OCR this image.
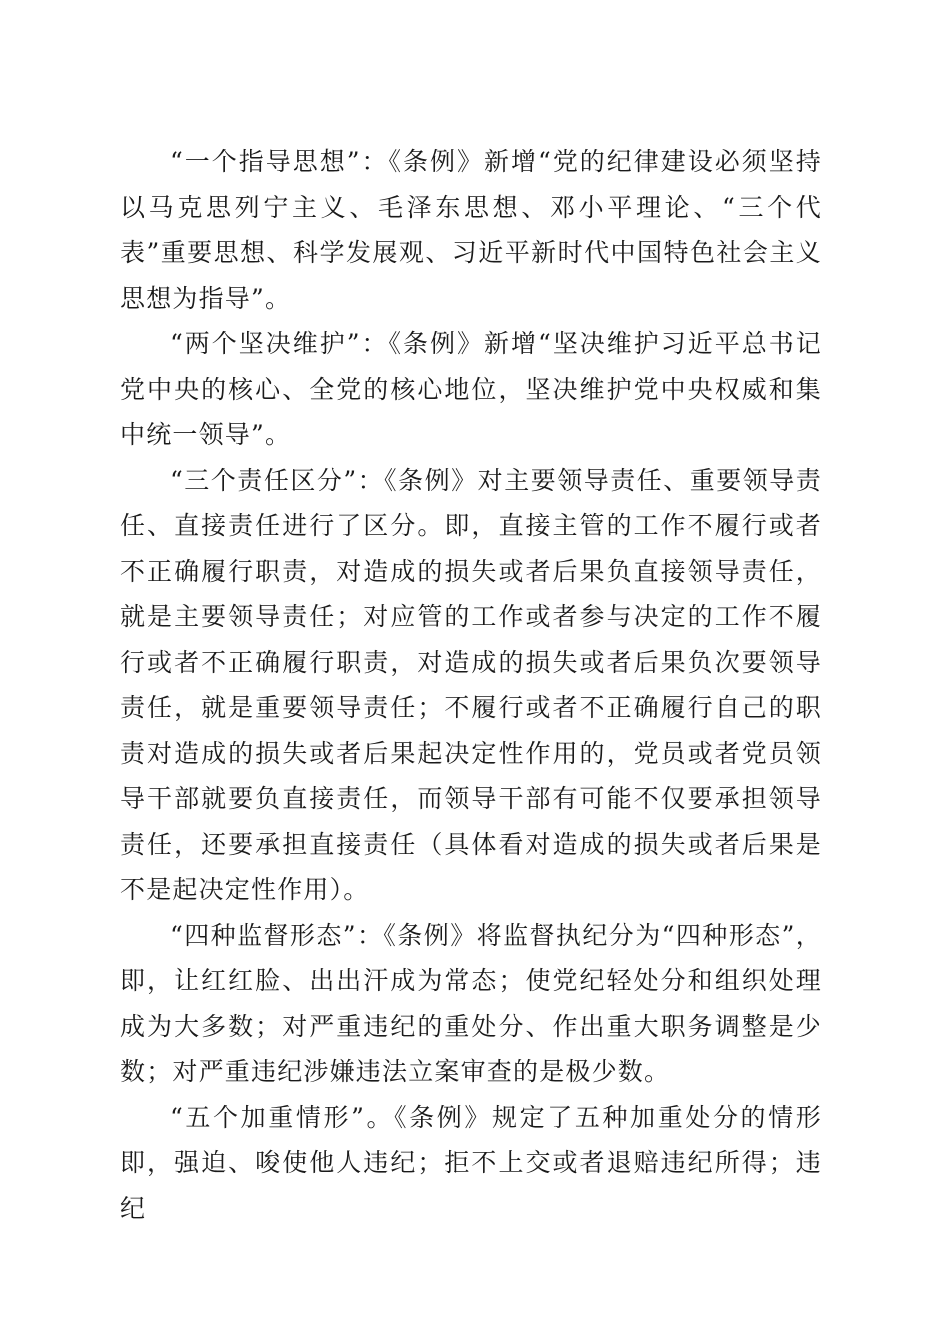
“一个指导思想”：《条例》新增“党的纪律建设必须坚持以马克思列宁主义、毛泽东思想、邓小平理论、“三个代表”重要思想、科学发展观、习近平新时代中国特色社会主义思想为指导”。

“两个坚决维护”：《条例》新增“坚决维护习近平总书记党中央的核心、全党的核心地位，坚决维护党中央权威和集中统一领导”。

“三个责任区分”：《条例》对主要领导责任、重要领导责任、直接责任进行了区分。即，直接主管的工作不履行或者不正确履行职责，对造成的损失或者后果负直接领导责任，就是主要领导责任；对应管的工作或者参与决定的工作不履行或者不正确履行职责，对造成的损失或者后果负次要领导责任，就是重要领导责任；不履行或者不正确履行自己的职责对造成的损失或者后果起决定性作用的，党员或者党员领导干部就要负直接责任，而领导干部有可能不仅要承担领导责任，还要承担直接责任（具体看对造成的损失或者后果是不是起决定性作用）。

“四种监督形态”：《条例》将监督执纪分为“四种形态”，即，让红红脸、出出汗成为常态；使党纪轻处分和组织处理成为大多数；对严重违纪的重处分、作出重大职务调整是少数；对严重违纪涉嫌违法立案审查的是极少数。

“五个加重情形”。《条例》规定了五种加重处分的情形即，强迫、唆使他人违纪；拒不上交或者退赔违纪所得；违纪
